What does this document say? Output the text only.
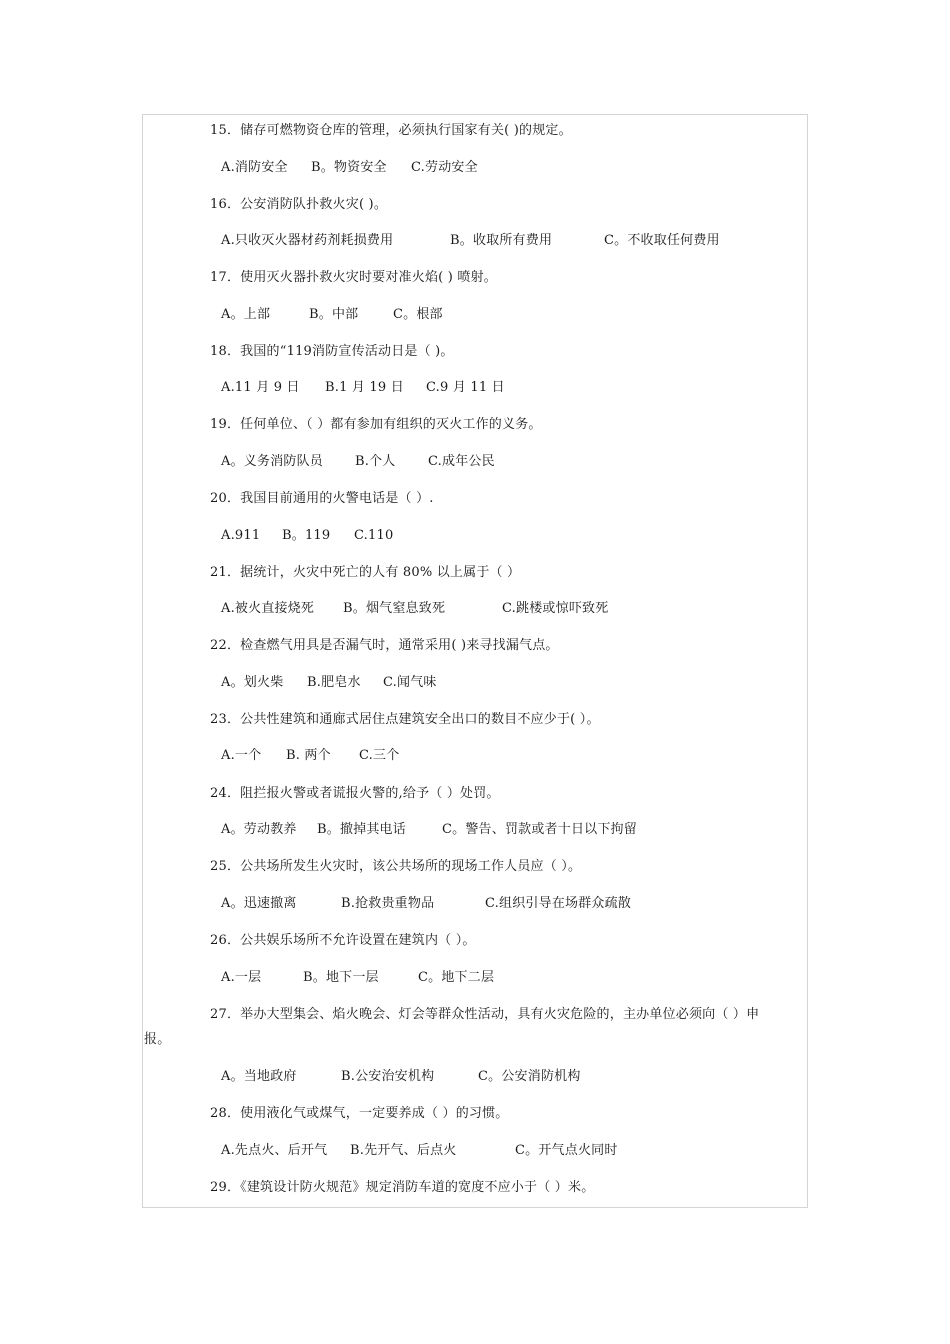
15．储存可燃物资仓库的管理，必须执行国家有关( )的规定。
A.消防安全 B。物资安全 C.劳动安全
16．公安消防队扑救火灾( )。
A.只收灭火器材药剂耗损费用	B。收取所有费用	C。不收取任何费用
17．使用灭火器扑救火灾时要对准火焰( ) 喷射。
A。上部	B。中部	C。根部
18．我国的“119消防宣传活动日是（ )。
A.11 月 9 日 B.1 月 19 日 C.9 月 11 日
19．任何单位、（ ）都有参加有组织的灭火工作的义务。
A。义务消防队员 B.个人	C.成年公民
20．我国目前通用的火警电话是（ ）.
A.911 B。119 C.110
21．据统计，火灾中死亡的人有 80% 以上属于（ ）
A.被火直接烧死 B。烟气窒息致死	C.跳楼或惊吓致死
22．检查燃气用具是否漏气时，通常采用( )来寻找漏气点。
A。划火柴 B.肥皂水 C.闻气味
23．公共性建筑和通廊式居住点建筑安全出口的数目不应少于( ）。
A.一个 B. 两个 C.三个
24．阻拦报火警或者谎报火警的,给予（ ）处罚。
A。劳动教养 B。撤掉其电话	C。警告、罚款或者十日以下拘留
25．公共场所发生火灾时，该公共场所的现场工作人员应（ ）。
A。迅速撤离	B.抢救贵重物品	C.组织引导在场群众疏散
26．公共娱乐场所不允许设置在建筑内（ ）。
A.一层	B。地下一层	C。地下二层
27．举办大型集会、焰火晚会、灯会等群众性活动，具有火灾危险的，主办单位必须向（ ）申
报。
A。当地政府	B.公安治安机构	C。公安消防机构
28．使用液化气或煤气，一定要养成（ ）的习惯。
A.先点火、后开气 B.先开气、后点火	C。开气点火同时
29．《建筑设计防火规范》规定消防车道的宽度不应小于（ ）米。
